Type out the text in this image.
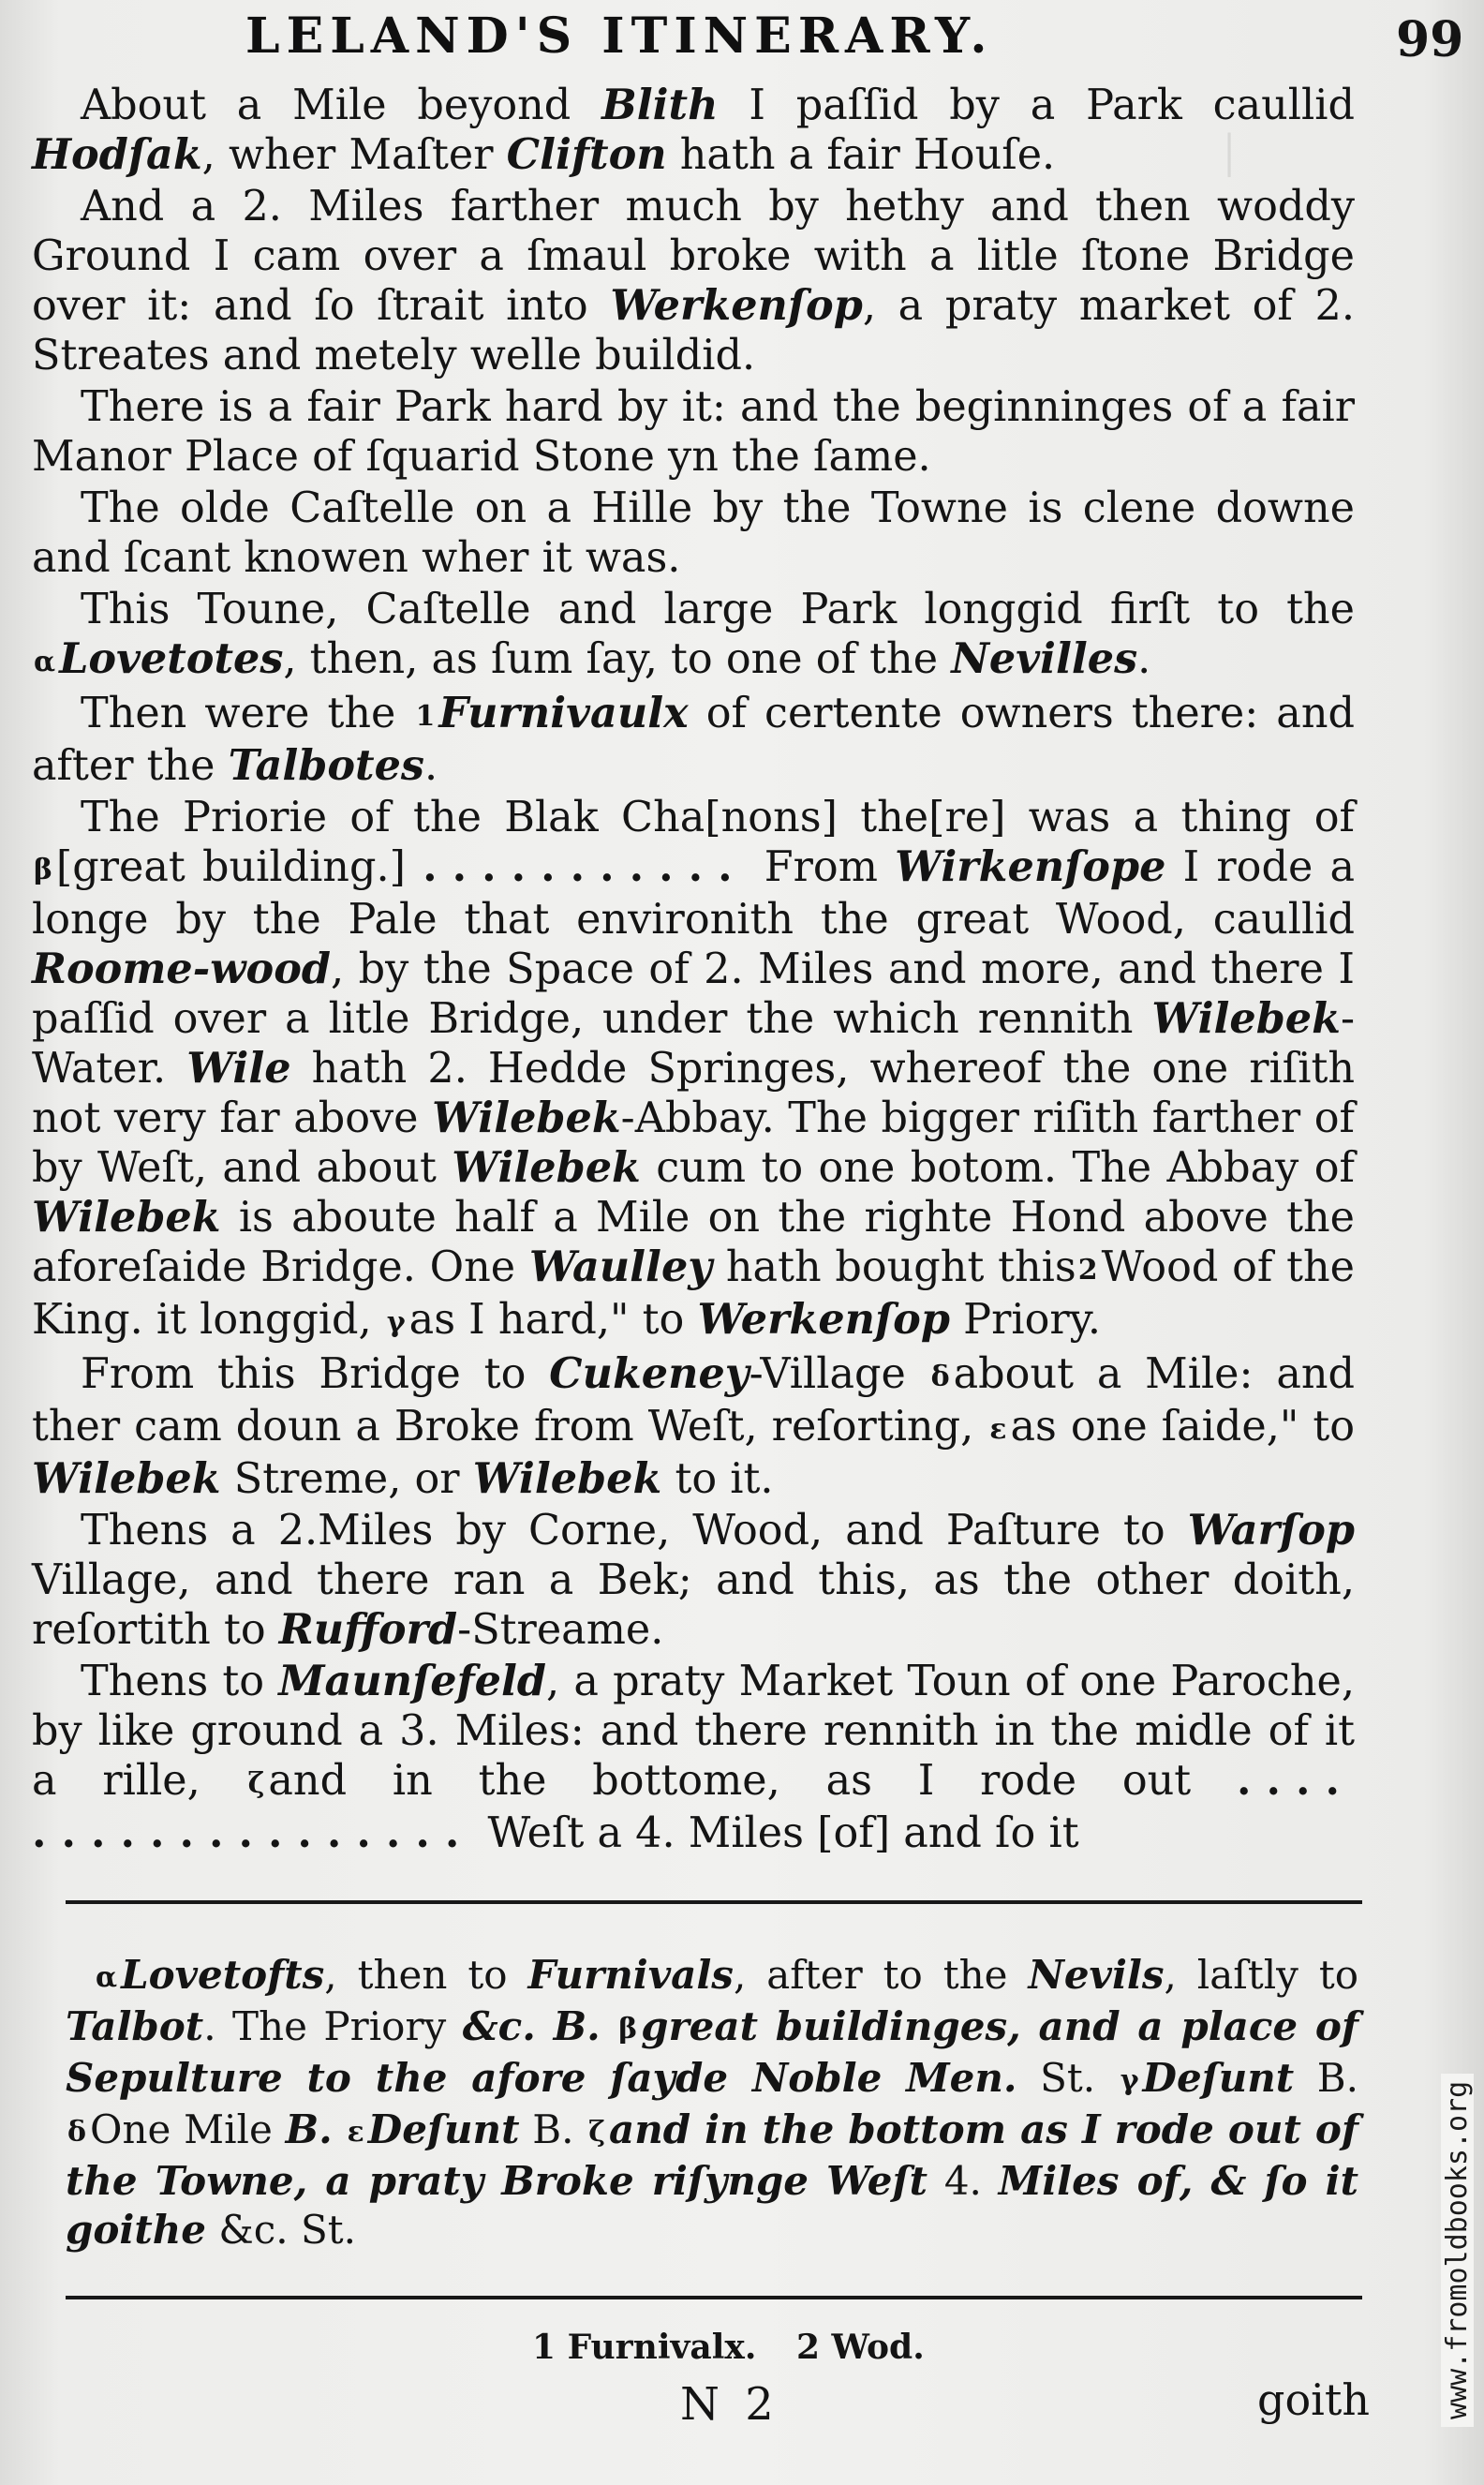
│
LELAND'S ITINERARY.	99

About a Mile beyond Blith I paſſid by a Park caullid Hodſak, wher Maſter Clifton hath a fair Houſe.

And a 2. Miles farther much by hethy and then woddy Ground I cam over a ſmaul broke with a litle ſtone Bridge over it: and ſo ſtrait into Werkenſop, a praty market of 2. Streates and metely welle buildid.

There is a fair Park hard by it: and the beginninges of a fair Manor Place of ſquarid Stone yn the ſame.

The olde Caſtelle on a Hille by the Towne is clene downe and ſcant knowen wher it was.

This Toune, Caſtelle and large Park longgid firſt to the αLovetotes, then, as ſum ſay, to one of the Nevilles.

Then were the 1Furnivaulx of certente owners there: and after the Talbotes.

The Priorie of the Blak Cha[nons] the[re] was a thing of β[great building.] ........... From Wirkenſope I rode a longe by the Pale that environith the great Wood, caullid Roome-wood, by the Space of 2. Miles and more, and there I paſſid over a litle Bridge, under the which rennith Wilebek-Water. Wile hath 2. Hedde Springes, whereof the one riſith not very far above Wilebek-Abbay. The bigger riſith farther of by Weſt, and about Wilebek cum to one botom. The Abbay of Wilebek is aboute half a Mile on the righte Hond above the aforeſaide Bridge. One Waulley hath bought this2Wood of the King. it longgid, γas I hard," to Werkenſop Priory.

From this Bridge to Cukeney-Village δabout a Mile: and ther cam doun a Broke from Weſt, reſorting, εas one ſaide," to Wilebek Streme, or Wilebek to it.

Thens a 2.Miles by Corne, Wood, and Paſture to Warſop Village, and there ran a Bek; and this, as the other doith, reſortith to Rufford-Streame.

Thens to Maunſefeld, a praty Market Toun of one Paroche, by like ground a 3. Miles: and there rennith in the midle of it a rille, ζand in the bottome, as I rode out .... ............... Weſt a 4. Miles [of] and ſo it

αLovetofts, then to Furnivals, after to the Nevils, laſtly to Talbot. The Priory &c. B. βgreat buildinges, and a place of Sepulture to the afore ſayde Noble Men. St. γDeſunt B. δOne Mile B. εDeſunt B. ζand in the bottom as I rode out of the Towne, a praty Broke riſynge Weſt 4. Miles of, & ſo it goithe &c. St.

1 Furnivalx. 2 Wod.
N 2	goith	www.fromoldbooks.org
